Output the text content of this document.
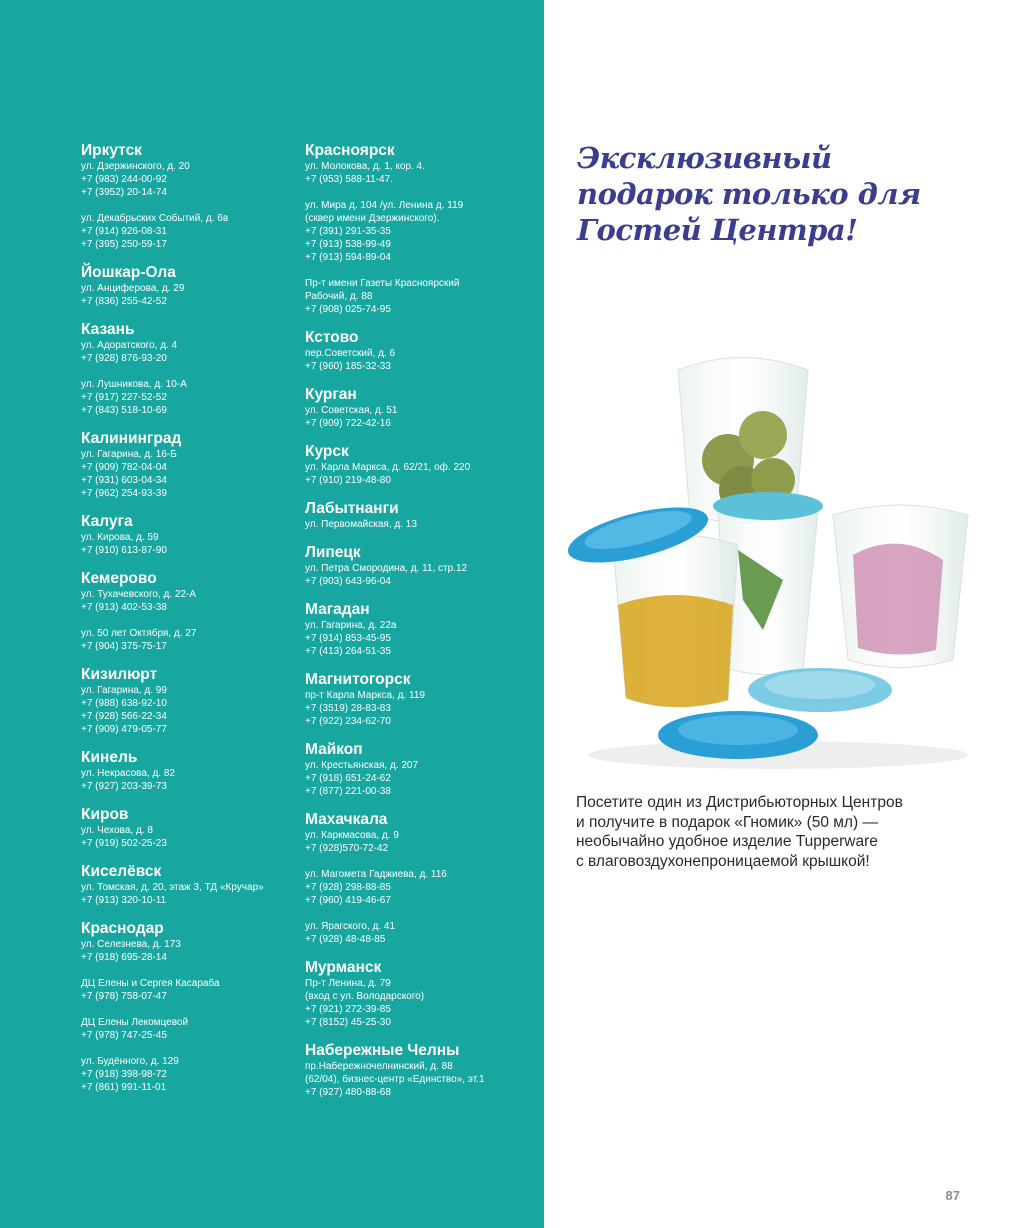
Иркутск
ул. Дзержинского, д. 20
+7 (983) 244-00-92
+7 (3952) 20-14-74
ул. Декабрьских Событий, д. 6в
+7 (914) 926-08-31
+7 (395) 250-59-17
Йошкар-Ола
ул. Анциферова, д. 29
+7 (836) 255-42-52
Казань
ул. Адоратского, д. 4
+7 (928) 876-93-20
ул. Лушникова, д. 10-А
+7 (917) 227-52-52
+7 (843) 518-10-69
Калининград
ул. Гагарина, д. 16-Б
+7 (909) 782-04-04
+7 (931) 603-04-34
+7 (962) 254-93-39
Калуга
ул. Кирова, д. 59
+7 (910) 613-87-90
Кемерово
ул. Тухачевского, д. 22-А
+7 (913) 402-53-38
ул. 50 лет Октября, д. 27
+7 (904) 375-75-17
Кизилюрт
ул. Гагарина, д. 99
+7 (988) 638-92-10
+7 (928) 566-22-34
+7 (909) 479-05-77
Кинель
ул. Некрасова, д. 82
+7 (927) 203-39-73
Киров
ул. Чехова, д. 8
+7 (919) 502-25-23
Киселёвск
ул. Томская, д. 20, этаж 3, ТД «Кручар»
+7 (913) 320-10-11
Краснодар
ул. Селезнева, д. 173
+7 (918) 695-28-14
ДЦ Елены и Сергея Касараба
+7 (978) 758-07-47
ДЦ Елены Лекомцевой
+7 (978) 747-25-45
ул. Будённого, д. 129
+7 (918) 398-98-72
+7 (861) 991-11-01
Красноярск
ул. Молокова, д. 1, кор. 4.
+7 (953) 588-11-47.
ул. Мира д. 104 /ул. Ленина д. 119
(сквер имени Дзержинского).
+7 (391) 291-35-35
+7 (913) 538-99-49
+7 (913) 594-89-04
Пр-т имени Газеты Красноярский
Рабочий, д. 88
+7 (908) 025-74-95
Кстово
пер.Советский, д. 6
+7 (960) 185-32-33
Курган
ул. Советская, д. 51
+7 (909) 722-42-16
Курск
ул. Карла Маркса, д. 62/21, оф. 220
+7 (910) 219-48-80
Лабытнанги
ул. Первомайская, д. 13
Липецк
ул. Петра Смородина, д. 11, стр.12
+7 (903) 643-96-04
Магадан
ул. Гагарина, д. 22а
+7 (914) 853-45-95
+7 (413) 264-51-35
Магнитогорск
пр-т Карла Маркса, д. 119
+7 (3519) 28-83-83
+7 (922) 234-62-70
Майкоп
ул. Крестьянская, д. 207
+7 (918) 651-24-62
+7 (877) 221-00-38
Махачкала
ул. Каркмасова, д. 9
+7 (928)570-72-42
ул. Магомета Гаджиева, д. 116
+7 (928) 298-88-85
+7 (960) 419-46-67
ул. Ярагского, д. 41
+7 (928) 48-48-85
Мурманск
Пр-т Ленина, д. 79
(вход с ул. Володарского)
+7 (921) 272-39-85
+7 (8152) 45-25-30
Набережные Челны
пр.Набережночелнинский, д. 88
(62/04), бизнес-центр «Единство», эт.1
+7 (927) 480-88-68
Эксклюзивный
подарок только для
Гостей Центра!
Посетите один из Дистрибьюторных Центров
и получите в подарок «Гномик» (50 мл) —
необычайно удобное изделие Tupperware
с влаговоздухонепроницаемой крышкой!
87
